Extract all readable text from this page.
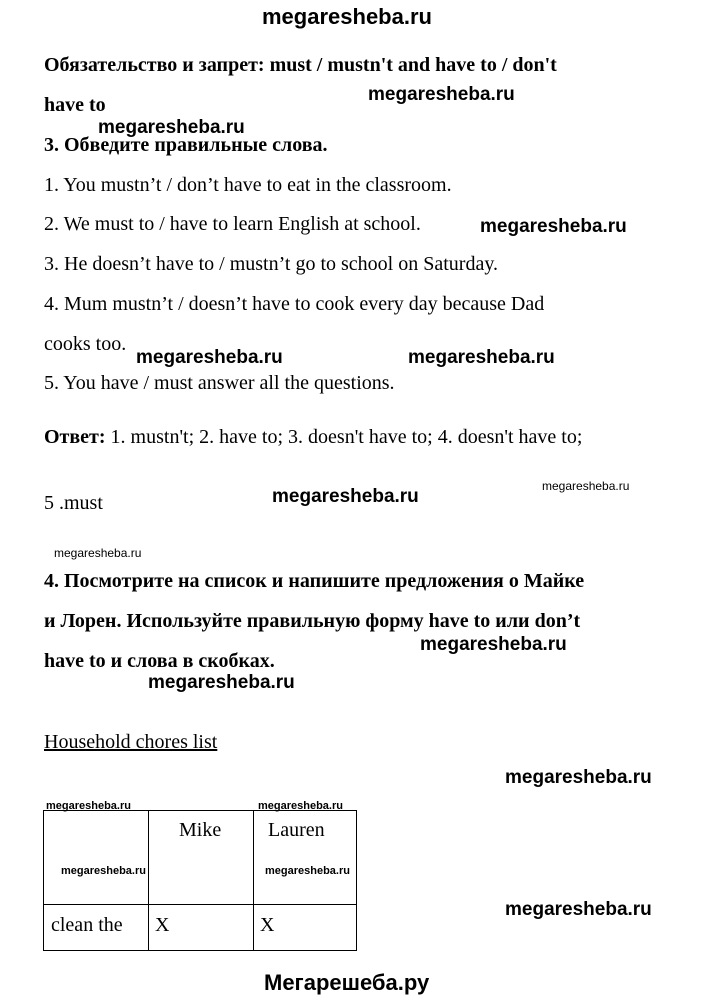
megaresheba.ru
Обязательство и запрет: must / mustn't and have to / don't
have to	megaresheba.ru
megaresheba.ru
3. Обведите правильные слова.
1. You mustn’t / don’t have to eat in the classroom.
2. We must to / have to learn English at school.	megaresheba.ru
3. He doesn’t have to / mustn’t go to school on Saturday.
4. Mum mustn’t / doesn’t have to cook every day because Dad
cooks too.
megaresheba.ru	megaresheba.ru
5. You have / must answer all the questions.
Ответ: 1. mustn't; 2. have to; 3. doesn't have to; 4. doesn't have to;
megaresheba.ru
megaresheba.ru
5 .must
megaresheba.ru
4. Посмотрите на список и напишите предложения о Майке
и Лорен. Используйте правильную форму have to или don’t
megaresheba.ru
have to и слова в скобках.
megaresheba.ru
Household chores list
megaresheba.ru
megaresheba.ru	megaresheba.ru
megaresheba.ru	Mike	Lauren
megaresheba.ru

clean the	X	X
megaresheba.ru
Мегарешеба.ру
